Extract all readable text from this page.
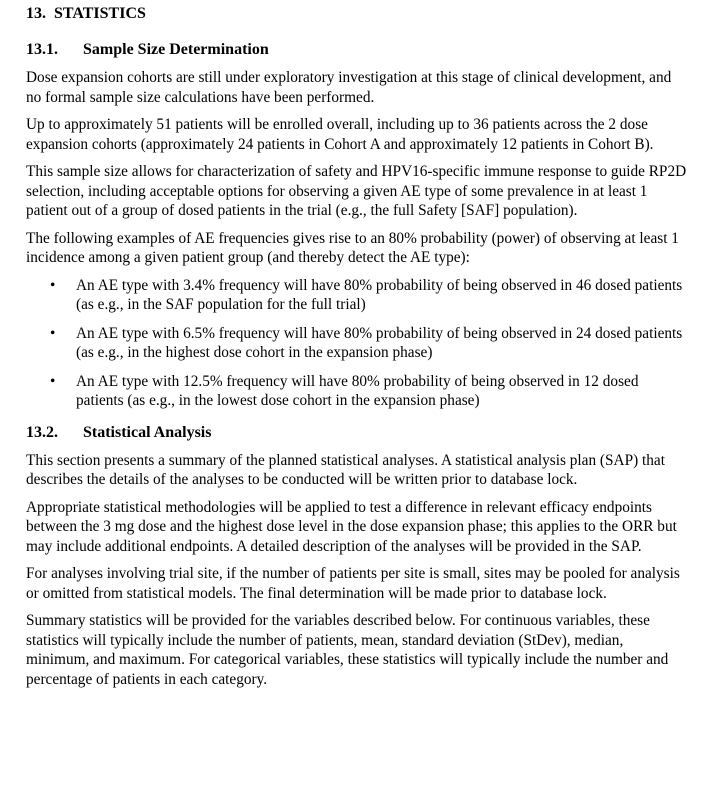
13. STATISTICS
13.1.	Sample Size Determination

Dose expansion cohorts are still under exploratory investigation at this stage of clinical development, and no formal sample size calculations have been performed.

Up to approximately 51 patients will be enrolled overall, including up to 36 patients across the 2 dose expansion cohorts (approximately 24 patients in Cohort A and approximately 12 patients in Cohort B).

This sample size allows for characterization of safety and HPV16-specific immune response to guide RP2D selection, including acceptable options for observing a given AE type of some prevalence in at least 1 patient out of a group of dosed patients in the trial (e.g., the full Safety [SAF] population).

The following examples of AE frequencies gives rise to an 80% probability (power) of observing at least 1 incidence among a given patient group (and thereby detect the AE type):

• An AE type with 3.4% frequency will have 80% probability of being observed in 46 dosed patients (as e.g., in the SAF population for the full trial)
• An AE type with 6.5% frequency will have 80% probability of being observed in 24 dosed patients (as e.g., in the highest dose cohort in the expansion phase)
• An AE type with 12.5% frequency will have 80% probability of being observed in 12 dosed patients (as e.g., in the lowest dose cohort in the expansion phase)
13.2.	Statistical Analysis

This section presents a summary of the planned statistical analyses. A statistical analysis plan (SAP) that describes the details of the analyses to be conducted will be written prior to database lock.

Appropriate statistical methodologies will be applied to test a difference in relevant efficacy endpoints between the 3 mg dose and the highest dose level in the dose expansion phase; this applies to the ORR but may include additional endpoints. A detailed description of the analyses will be provided in the SAP.

For analyses involving trial site, if the number of patients per site is small, sites may be pooled for analysis or omitted from statistical models. The final determination will be made prior to database lock.

Summary statistics will be provided for the variables described below. For continuous variables, these statistics will typically include the number of patients, mean, standard deviation (StDev), median, minimum, and maximum. For categorical variables, these statistics will typically include the number and percentage of patients in each category.
